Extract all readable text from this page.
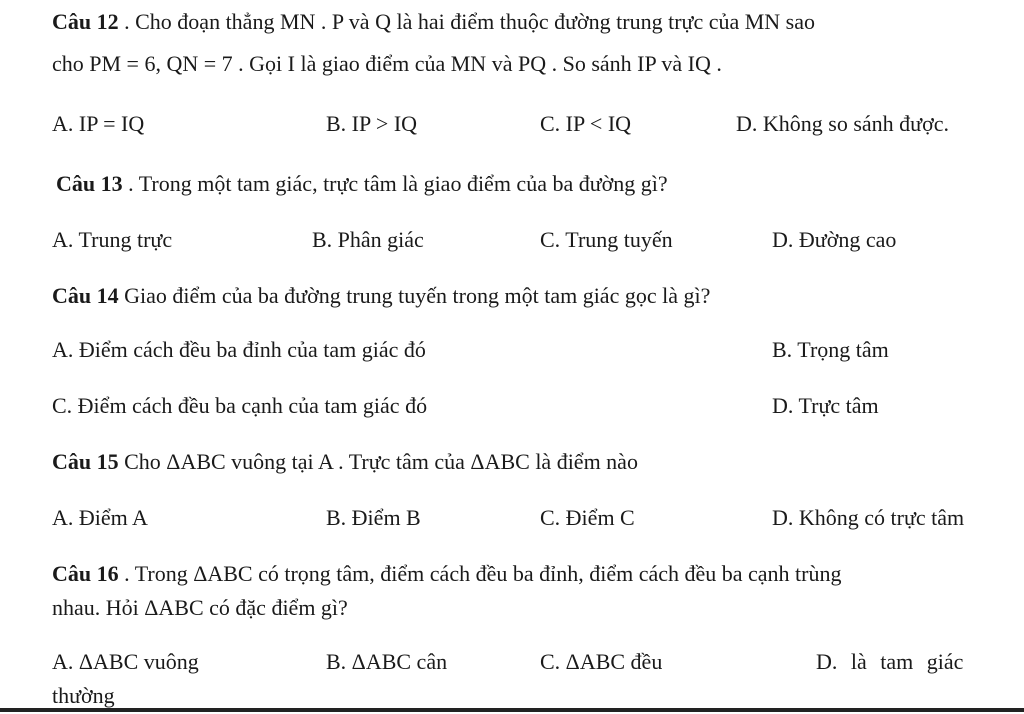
Câu 12 . Cho đoạn thẳng MN . P và Q là hai điểm thuộc đường trung trực của MN sao
cho PM = 6, QN = 7 . Gọi I là giao điểm của MN và PQ . So sánh IP và IQ .
A. IP = IQ	B. IP > IQ	C. IP < IQ	D. Không so sánh được.
Câu 13 . Trong một tam giác, trực tâm là giao điểm của ba đường gì?
A. Trung trực	B. Phân giác	C. Trung tuyến	D. Đường cao
Câu 14 Giao điểm của ba đường trung tuyến trong một tam giác gọc là gì?
A. Điểm cách đều ba đỉnh của tam giác đó	B. Trọng tâm
C. Điểm cách đều ba cạnh của tam giác đó	D. Trực tâm
Câu 15 Cho ΔABC vuông tại A . Trực tâm của ΔABC là điểm nào
A. Điểm A	B. Điểm B	C. Điểm C	D. Không có trực tâm
Câu 16 . Trong ΔABC có trọng tâm, điểm cách đều ba đỉnh, điểm cách đều ba cạnh trùng
nhau. Hỏi ΔABC có đặc điểm gì?
A. ΔABC vuông	B. ΔABC cân	C. ΔABC đều	D. là tam giác
thường
